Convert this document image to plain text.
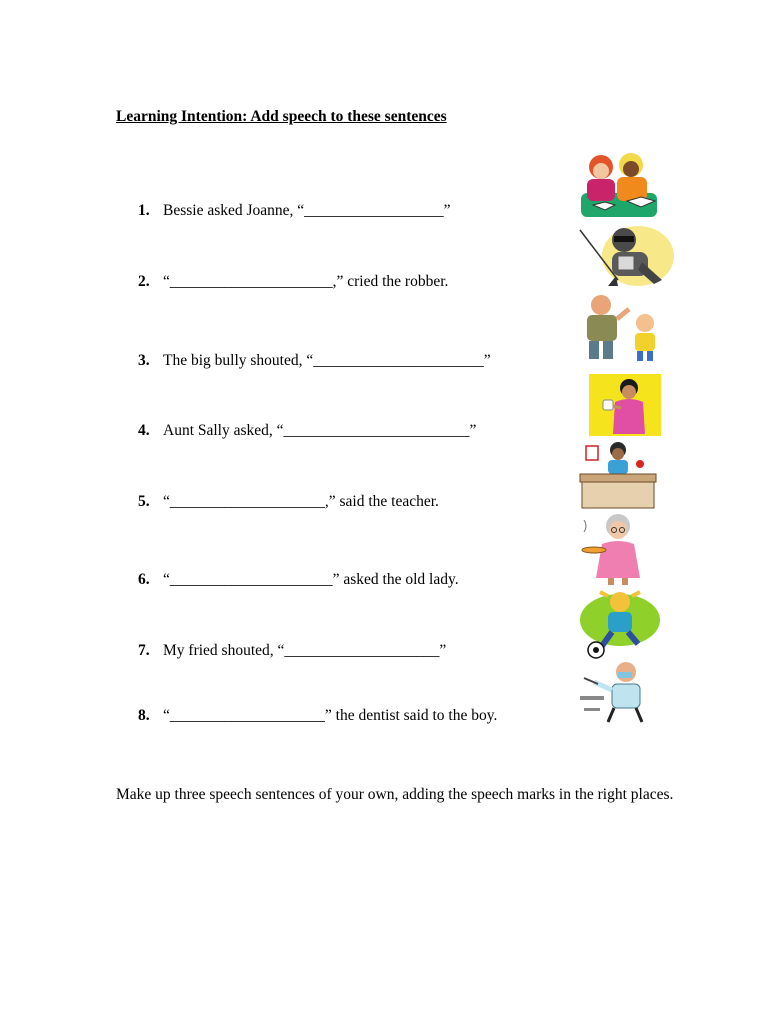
Learning Intention: Add speech to these sentences
1. Bessie asked Joanne, “__________________”
2. “_____________________,” cried the robber.
3. The big bully shouted, “______________________”
4. Aunt Sally asked, “________________________”
5. “____________________,” said the teacher.
6. “_____________________” asked the old lady.
7. My fried shouted, “____________________”
8. “____________________” the dentist said to the boy.
Make up three speech sentences of your own, adding the speech marks in the right places.
